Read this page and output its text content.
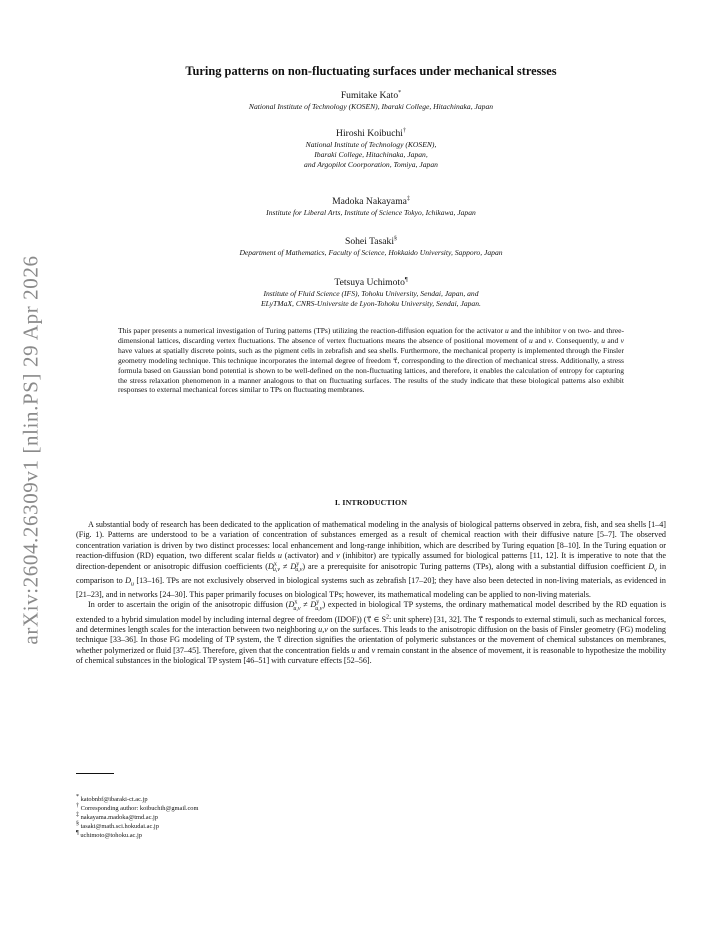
arXiv:2604.26309v1 [nlin.PS] 29 Apr 2026
Turing patterns on non-fluctuating surfaces under mechanical stresses
Fumitake Kato*
National Institute of Technology (KOSEN), Ibaraki College, Hitachinaka, Japan
Hiroshi Koibuchi†
National Institute of Technology (KOSEN),
Ibaraki College, Hitachinaka, Japan,
and Argopilot Coorporation, Tomiya, Japan
Madoka Nakayama‡
Institute for Liberal Arts, Institute of Science Tokyo, Ichikawa, Japan
Sohei Tasaki§
Department of Mathematics, Faculty of Science, Hokkaido University, Sapporo, Japan
Tetsuya Uchimoto¶
Institute of Fluid Science (IFS), Tohoku University, Sendai, Japan, and
ELyTMaX, CNRS-Universite de Lyon-Tohoku University, Sendai, Japan.
This paper presents a numerical investigation of Turing patterns (TPs) utilizing the reaction-diffusion equation for the activator u and the inhibitor v on two- and three-dimensional lattices, discarding vertex fluctuations. The absence of vertex fluctuations means the absence of positional movement of u and v. Consequently, u and v have values at spatially discrete points, such as the pigment cells in zebrafish and sea shells. Furthermore, the mechanical property is implemented through the Finsler geometry modeling technique. This technique incorporates the internal degree of freedom τ⃗, corresponding to the direction of mechanical stress. Additionally, a stress formula based on Gaussian bond potential is shown to be well-defined on the non-fluctuating lattices, and therefore, it enables the calculation of entropy for capturing the stress relaxation phenomenon in a manner analogous to that on fluctuating surfaces. The results of the study indicate that these biological patterns also exhibit responses to external mechanical forces similar to TPs on fluctuating membranes.
I. INTRODUCTION

A substantial body of research has been dedicated to the application of mathematical modeling in the analysis of biological patterns observed in zebra, fish, and sea shells [1–4] (Fig. 1). Patterns are understood to be a variation of concentration of substances emerged as a result of chemical reaction with their diffusive nature [5–7]. The observed concentration variation is driven by two distinct processes: local enhancement and long-range inhibition, which are described by Turing equation [8–10]. In the Turing equation or reaction-diffusion (RD) equation, two different scalar fields u (activator) and v (inhibitor) are typically assumed for biological patterns [11, 12]. It is imperative to note that the direction-dependent or anisotropic diffusion coefficients $(D^x_{u,v} \ne D^y_{u,v})$ are a prerequisite for anisotropic Turing patterns (TPs), along with a substantial diffusion coefficient $D_v$ in comparison to $D_u$ [13–16]. TPs are not exclusively observed in biological systems such as zebrafish [17–20]; they have also been detected in non-living materials, as evidenced in [21–23], and in networks [24–30]. This paper primarily focuses on biological TPs; however, its mathematical modeling can be applied to non-living materials.

In order to ascertain the origin of the anisotropic diffusion $(D^x_{u,v} \ne D^y_{u,v})$ expected in biological TP systems, the ordinary mathematical model described by the RD equation is extended to a hybrid simulation model by including internal degree of freedom (IDOF)) (τ⃗ ∈ $S^2$: unit sphere) [31, 32]. The τ⃗ responds to external stimuli, such as mechanical forces, and determines length scales for the interaction between two neighboring u,v on the surfaces. This leads to the anisotropic diffusion on the basis of Finsler geometry (FG) modeling technique [33–36]. In those FG modeling of TP system, the τ⃗ direction signifies the orientation of polymeric substances or the movement of chemical substances on membranes, whether polymerized or fluid [37–45]. Therefore, given that the concentration fields u and v remain constant in the absence of movement, it is reasonable to hypothesize the mobility of chemical substances in the biological TP system [46–51] with curvature effects [52–56].

* katobnbf@ibaraki-ct.ac.jp
† Corresponding author: koibuchih@gmail.com
‡ nakayama.madoka@tmd.ac.jp
§ tasaki@math.sci.hokudai.ac.jp
¶ uchimoto@tohoku.ac.jp
